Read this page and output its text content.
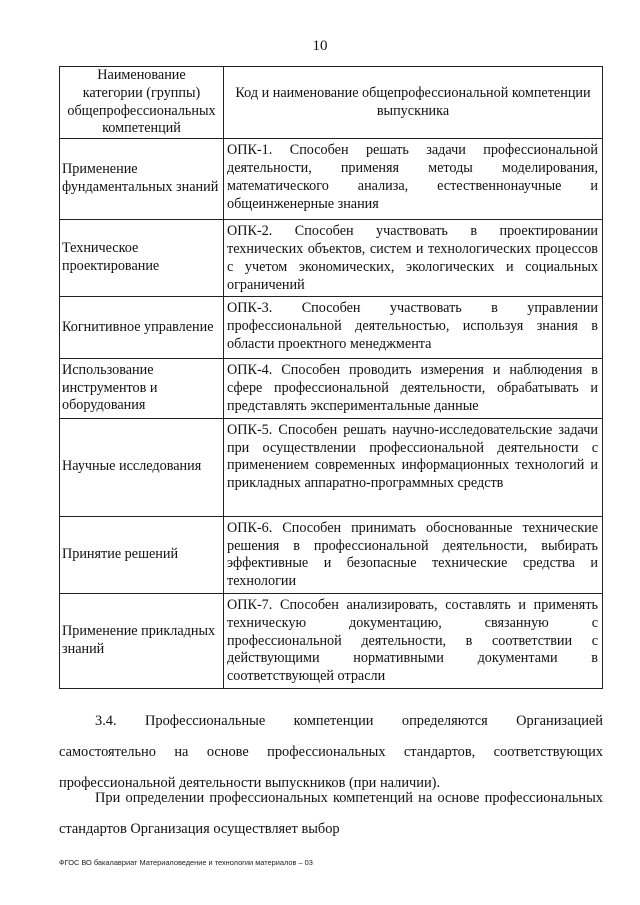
10
Наименование категории (группы) общепрофессиональных компетенций	Код и наименование общепрофессиональной компетенции выпускника
Применение фундаментальных знаний	ОПК-1. Способен решать задачи профессиональной деятельности, применяя методы моделирования, математического анализа, естественнонаучные и общеинженерные знания
Техническое проектирование	ОПК-2. Способен участвовать в проектировании технических объектов, систем и технологических процессов с учетом экономических, экологических и социальных ограничений
Когнитивное управление	ОПК-3. Способен участвовать в управлении профессиональной деятельностью, используя знания в области проектного менеджмента
Использование инструментов и оборудования	ОПК-4. Способен проводить измерения и наблюдения в сфере профессиональной деятельности, обрабатывать и представлять экспериментальные данные
Научные исследования	ОПК-5. Способен решать научно-исследовательские задачи при осуществлении профессиональной деятельности с применением современных информационных технологий и прикладных аппаратно-программных средств
Принятие решений	ОПК-6. Способен принимать обоснованные технические решения в профессиональной деятельности, выбирать эффективные и безопасные технические средства и технологии
Применение прикладных знаний	ОПК-7. Способен анализировать, составлять и применять техническую документацию, связанную с профессиональной деятельности, в соответствии с действующими нормативными документами в соответствующей отрасли

3.4. Профессиональные компетенции определяются Организацией самостоятельно на основе профессиональных стандартов, соответствующих профессиональной деятельности выпускников (при наличии).

При определении профессиональных компетенций на основе профессиональных стандартов Организация осуществляет выбор

ФГОС ВО бакалавриат Материаловедение и технологии материалов – 03
